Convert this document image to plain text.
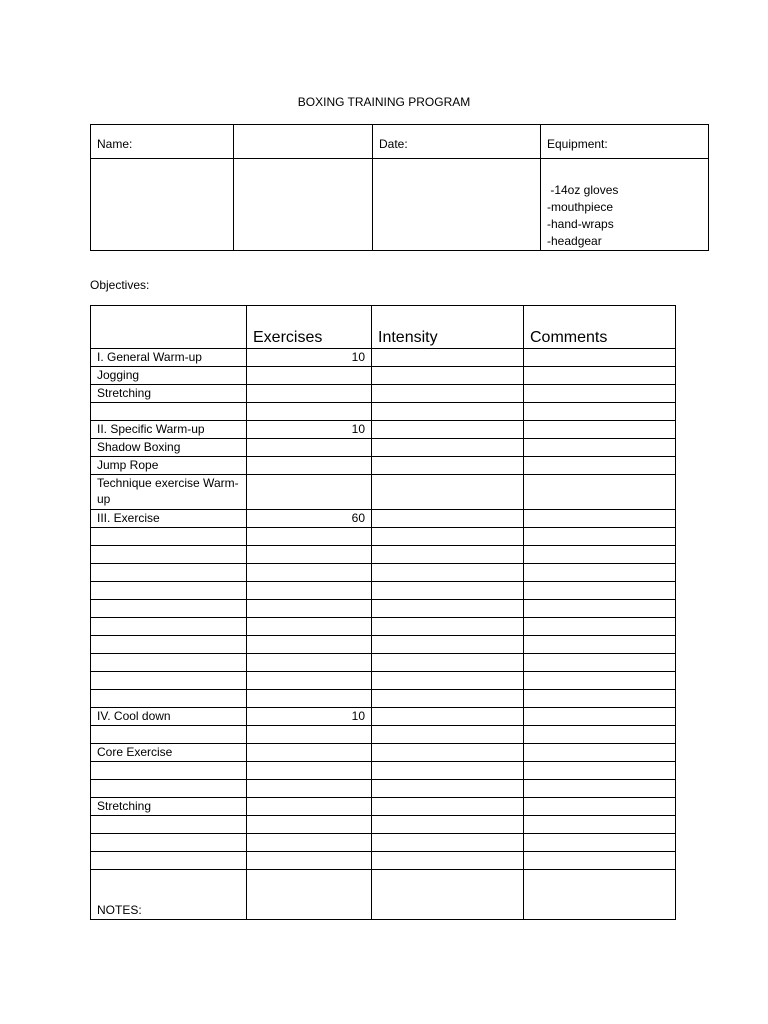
BOXING TRAINING PROGRAM
Name:		Date:	Equipment:

			-14oz gloves
-mouthpiece
-hand-wraps
-headgear
Objectives:
	Exercises	Intensity	Comments
I. General Warm-up	10		
Jogging			
Stretching			

II. Specific Warm-up	10		
Shadow Boxing			
Jump Rope			
Technique exercise Warm-up			
III. Exercise	60		

IV. Cool down	10		

Core Exercise			

Stretching			

NOTES:			
